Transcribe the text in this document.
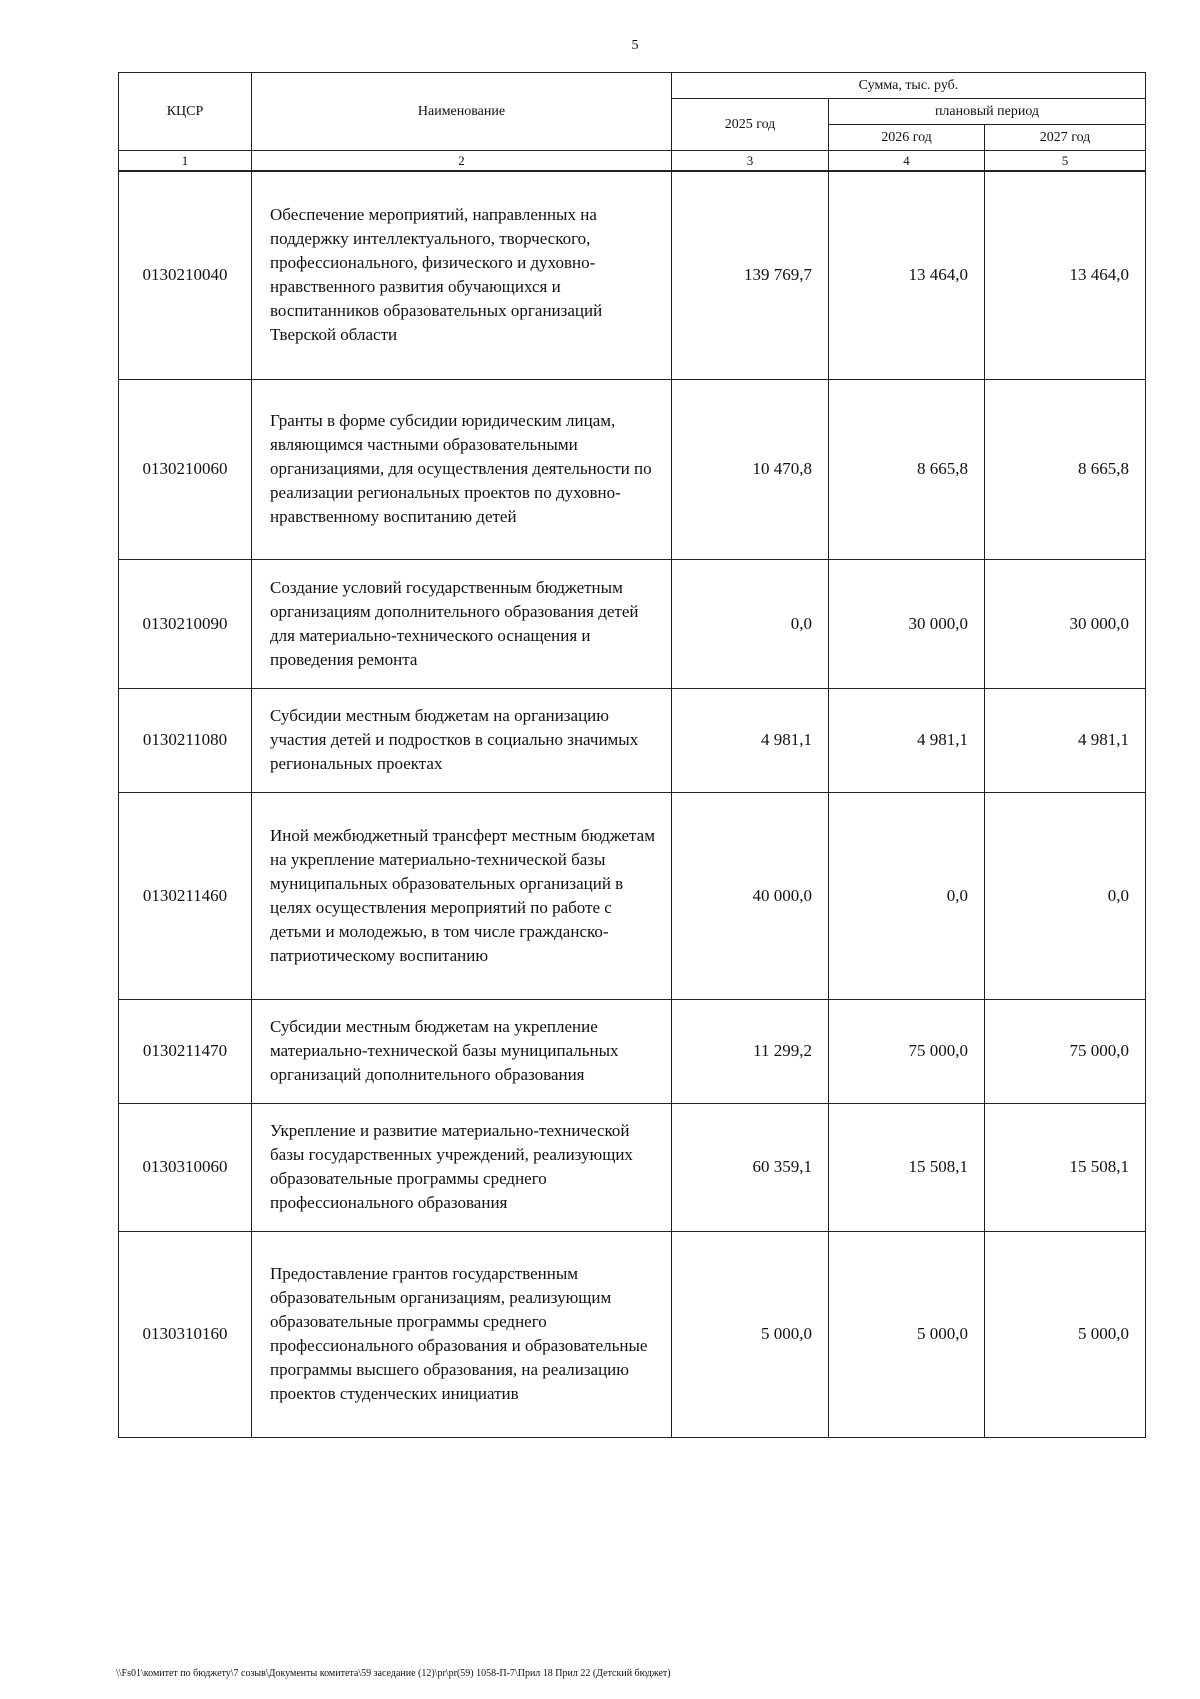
5
КЦСР	Наименование	Сумма, тыс. руб.		
		2025 год	плановый период	
			2026 год	2027 год
1	2	3	4	5
0130210040	Обеспечение мероприятий, направленных на поддержку интеллектуального, творческого, профессионального, физического и духовно-нравственного развития обучающихся и воспитанников образовательных организаций Тверской области	139 769,7	13 464,0	13 464,0
0130210060	Гранты в форме субсидии юридическим лицам, являющимся частными образовательными организациями, для осуществления деятельности по реализации региональных проектов по духовно-нравственному воспитанию детей	10 470,8	8 665,8	8 665,8
0130210090	Создание условий государственным бюджетным организациям дополнительного образования детей для материально-технического оснащения и проведения ремонта	0,0	30 000,0	30 000,0
0130211080	Субсидии местным бюджетам на организацию участия детей и подростков в социально значимых региональных проектах	4 981,1	4 981,1	4 981,1
0130211460	Иной межбюджетный трансферт местным бюджетам на укрепление материально-технической базы муниципальных образовательных организаций в целях осуществления мероприятий по работе с детьми и молодежью, в том числе гражданско-патриотическому воспитанию	40 000,0	0,0	0,0
0130211470	Субсидии местным бюджетам на укрепление материально-технической базы муниципальных организаций дополнительного образования	11 299,2	75 000,0	75 000,0
0130310060	Укрепление и развитие материально-технической базы государственных учреждений, реализующих образовательные программы среднего профессионального образования	60 359,1	15 508,1	15 508,1
0130310160	Предоставление грантов государственным образовательным организациям, реализующим образовательные программы среднего профессионального образования и образовательные программы высшего образования, на реализацию проектов студенческих инициатив	5 000,0	5 000,0	5 000,0
\\Fs01\комитет по бюджету\7 созыв\Документы комитета\59 заседание (12)\pr\pr(59) 1058-П-7\Прил 18 Прил 22 (Детский бюджет)
